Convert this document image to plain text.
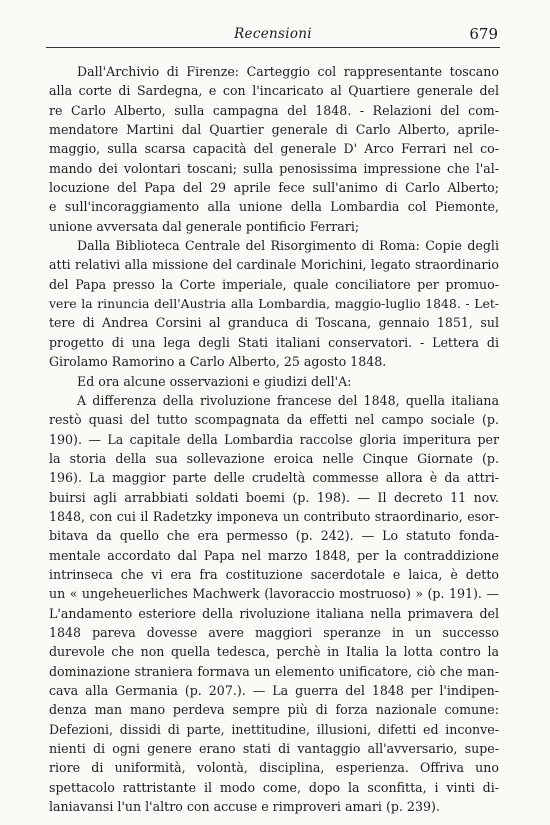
Recensioni	679
Dall'Archivio di Firenze: Carteggio col rappresentante toscano
alla corte di Sardegna, e con l'incaricato al Quartiere generale del
re Carlo Alberto, sulla campagna del 1848. - Relazioni del com-
mendatore Martini dal Quartier generale di Carlo Alberto, aprile-
maggio, sulla scarsa capacità del generale D' Arco Ferrari nel co-
mando dei volontari toscani; sulla penosissima impressione che l'al-
locuzione del Papa del 29 aprile fece sull'animo di Carlo Alberto;
e sull'incoraggiamento alla unione della Lombardia col Piemonte,
unione avversata dal generale pontificio Ferrari;
Dalla Biblioteca Centrale del Risorgimento di Roma: Copie degli
atti relativi alla missione del cardinale Morichini, legato straordinario
del Papa presso la Corte imperiale, quale conciliatore per promuo-
vere la rinuncia dell'Austria alla Lombardia, maggio-luglio 1848. - Let-
tere di Andrea Corsini al granduca di Toscana, gennaio 1851, sul
progetto di una lega degli Stati italiani conservatori. - Lettera di
Girolamo Ramorino a Carlo Alberto, 25 agosto 1848.
Ed ora alcune osservazioni e giudizi dell'A:
A differenza della rivoluzione francese del 1848, quella italiana
restò quasi del tutto scompagnata da effetti nel campo sociale (p.
190). — La capitale della Lombardia raccolse gloria imperitura per
la storia della sua sollevazione eroica nelle Cinque Giornate (p.
196). La maggior parte delle crudeltà commesse allora è da attri-
buirsi agli arrabbiati soldati boemi (p. 198). — Il decreto 11 nov.
1848, con cui il Radetzky imponeva un contributo straordinario, esor-
bitava da quello che era permesso (p. 242). — Lo statuto fonda-
mentale accordato dal Papa nel marzo 1848, per la contraddizione
intrinseca che vi era fra costituzione sacerdotale e laica, è detto
un « ungeheuerliches Machwerk (lavoraccio mostruoso) » (p. 191). —
L'andamento esteriore della rivoluzione italiana nella primavera del
1848 pareva dovesse avere maggiori speranze in un successo
durevole che non quella tedesca, perchè in Italia la lotta contro la
dominazione straniera formava un elemento unificatore, ciò che man-
cava alla Germania (p. 207.). — La guerra del 1848 per l'indipen-
denza man mano perdeva sempre più di forza nazionale comune:
Defezioni, dissidi di parte, inettitudine, illusioni, difetti ed inconve-
nienti di ogni genere erano stati di vantaggio all'avversario, supe-
riore di uniformità, volontà, disciplina, esperienza. Offriva uno
spettacolo rattristante il modo come, dopo la sconfitta, i vinti di-
laniavansi l'un l'altro con accuse e rimproveri amari (p. 239).
